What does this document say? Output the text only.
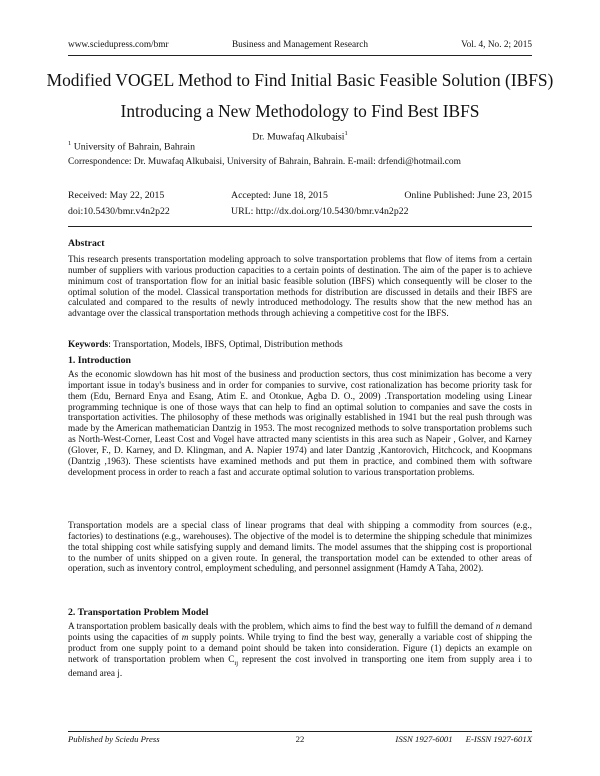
www.sciedupress.com/bmr	Business and Management Research	Vol. 4, No. 2; 2015
Modified VOGEL Method to Find Initial Basic Feasible Solution (IBFS)
Introducing a New Methodology to Find Best IBFS
Dr. Muwafaq Alkubaisi$^1$
$^1$ University of Bahrain, Bahrain
Correspondence: Dr. Muwafaq Alkubaisi, University of Bahrain, Bahrain. E-mail: drfendi@hotmail.com
Received: May 22, 2015	Accepted: June 18, 2015	Online Published: June 23, 2015
doi:10.5430/bmr.v4n2p22	URL: http://dx.doi.org/10.5430/bmr.v4n2p22
Abstract
This research presents transportation modeling approach to solve transportation problems that flow of items from a certain number of suppliers with various production capacities to a certain points of destination. The aim of the paper is to achieve minimum cost of transportation flow for an initial basic feasible solution (IBFS) which consequently will be closer to the optimal solution of the model. Classical transportation methods for distribution are discussed in details and their IBFS are calculated and compared to the results of newly introduced methodology. The results show that the new method has an advantage over the classical transportation methods through achieving a competitive cost for the IBFS.
Keywords: Transportation, Models, IBFS, Optimal, Distribution methods
1. Introduction
As the economic slowdown has hit most of the business and production sectors, thus cost minimization has become a very important issue in today's business and in order for companies to survive, cost rationalization has become priority task for them (Edu, Bernard Enya and Esang, Atim E. and Otonkue, Agba D. O., 2009) .Transportation modeling using Linear programming technique is one of those ways that can help to find an optimal solution to companies and save the costs in transportation activities. The philosophy of these methods was originally established in 1941 but the real push through was made by the American mathematician Dantzig in 1953. The most recognized methods to solve transportation problems such as North-West-Corner, Least Cost and Vogel have attracted many scientists in this area such as Napeir , Golver, and Karney (Glover, F., D. Karney, and D. Klingman, and A. Napier 1974) and later Dantzig ,Kantorovich, Hitchcock, and Koopmans (Dantzig ,1963). These scientists have examined methods and put them in practice, and combined them with software development process in order to reach a fast and accurate optimal solution to various transportation problems.
Transportation models are a special class of linear programs that deal with shipping a commodity from sources (e.g., factories) to destinations (e.g., warehouses). The objective of the model is to determine the shipping schedule that minimizes the total shipping cost while satisfying supply and demand limits. The model assumes that the shipping cost is proportional to the number of units shipped on a given route. In general, the transportation model can be extended to other areas of operation, such as inventory control, employment scheduling, and personnel assignment (Hamdy A Taha, 2002).
2. Transportation Problem Model
A transportation problem basically deals with the problem, which aims to find the best way to fulfill the demand of n demand points using the capacities of m supply points. While trying to find the best way, generally a variable cost of shipping the product from one supply point to a demand point should be taken into consideration. Figure (1) depicts an example on network of transportation problem when $C_{ij}$ represent the cost involved in transporting one item from supply area i to demand area j.
Published by Sciedu Press	22	ISSN 1927-6001      E-ISSN 1927-601X
